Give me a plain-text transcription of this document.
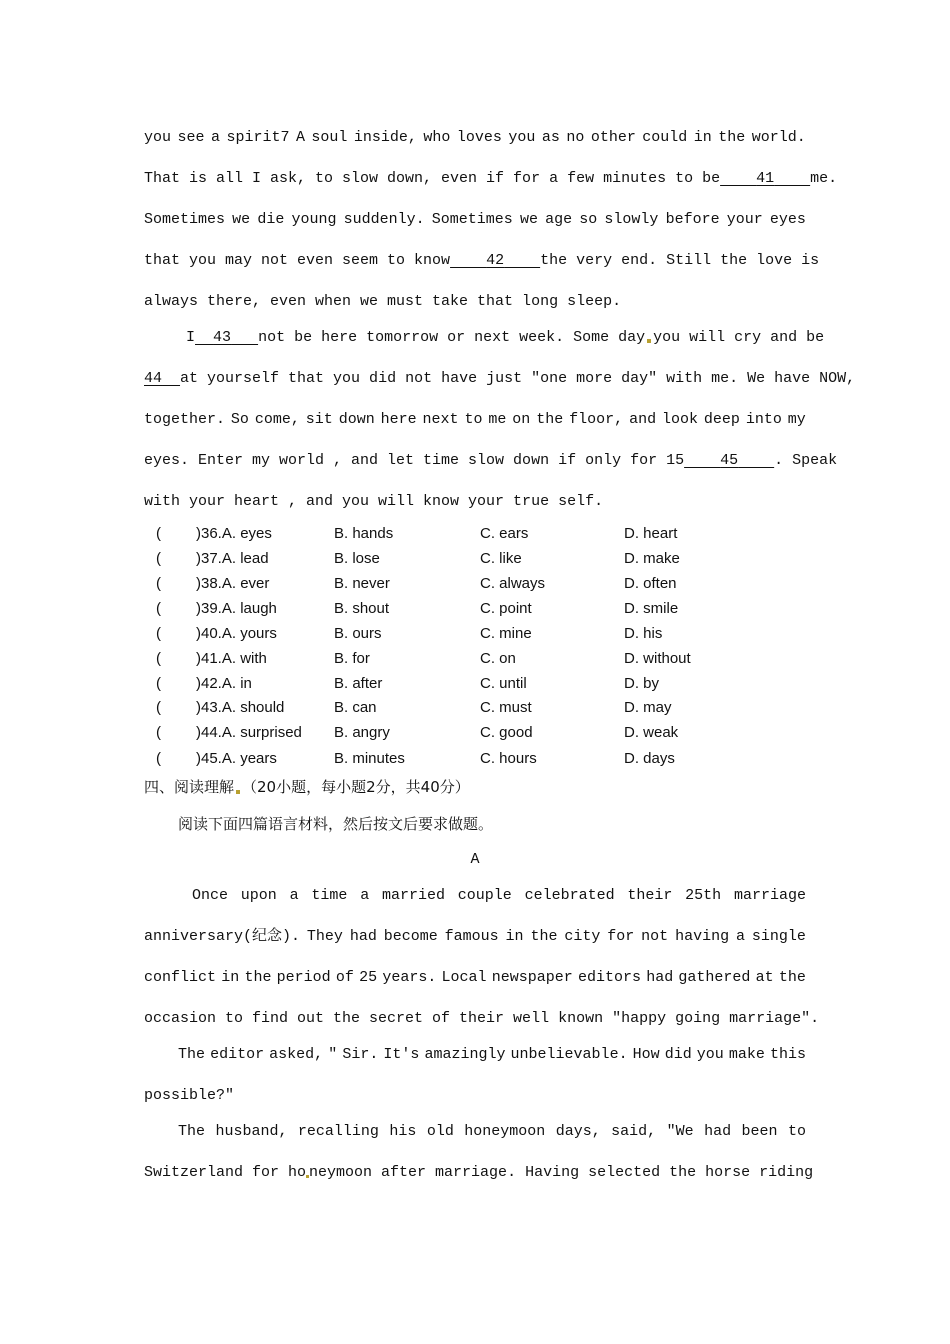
you see a spirit7 A soul inside, who loves you as no other could in the world.
That is all I ask, to slow down, even if for a few minutes to be 41 me.
Sometimes we die young suddenly. Sometimes we age so slowly before your eyes
that you may not even seem to know 42 the very end. Still the love is
always there, even when we must take that long sleep.
I 43 not be here tomorrow or next week. Some day you will cry and be
44 at yourself that you did not have just "one more day" with me. We have NOW,
together. So come, sit down here next to me on the floor, and look deep into my
eyes. Enter my world , and let time slow down if only for 15 45 . Speak
with your heart , and you will know your true self.
( )36.A. eyes	B. hands	C. ears	D. heart
( )37.A. lead	B. lose	C. like	D. make
( )38.A. ever	B. never	C. always	D. often
( )39.A. laugh	B. shout	C. point	D. smile
( )40.A. yours	B. ours	C. mine	D. his
( )41.A. with	B. for	C. on	D. without
( )42.A. in	B. after	C. until	D. by
( )43.A. should	B. can	C. must	D. may
( )44.A. surprised B. angry	C. good	D. weak
( )45.A. years	B. minutes	C. hours	D. days
四、阅读理解 （20小题，每小题2分，共40分）
阅读下面四篇语言材料，然后按文后要求做题。
A
Once upon a time a married couple celebrated their 25th marriage
anniversary(纪念). They had become famous in the city for not having a single
conflict in the period of 25 years. Local newspaper editors had gathered at the
occasion to find out the secret of their well known "happy going marriage".
The editor asked, " Sir. It's amazingly unbelievable. How did you make this
possible?"
The husband, recalling his old honeymoon days, said, "We had been to
Switzerland for ho neymoon after marriage. Having selected the horse riding
